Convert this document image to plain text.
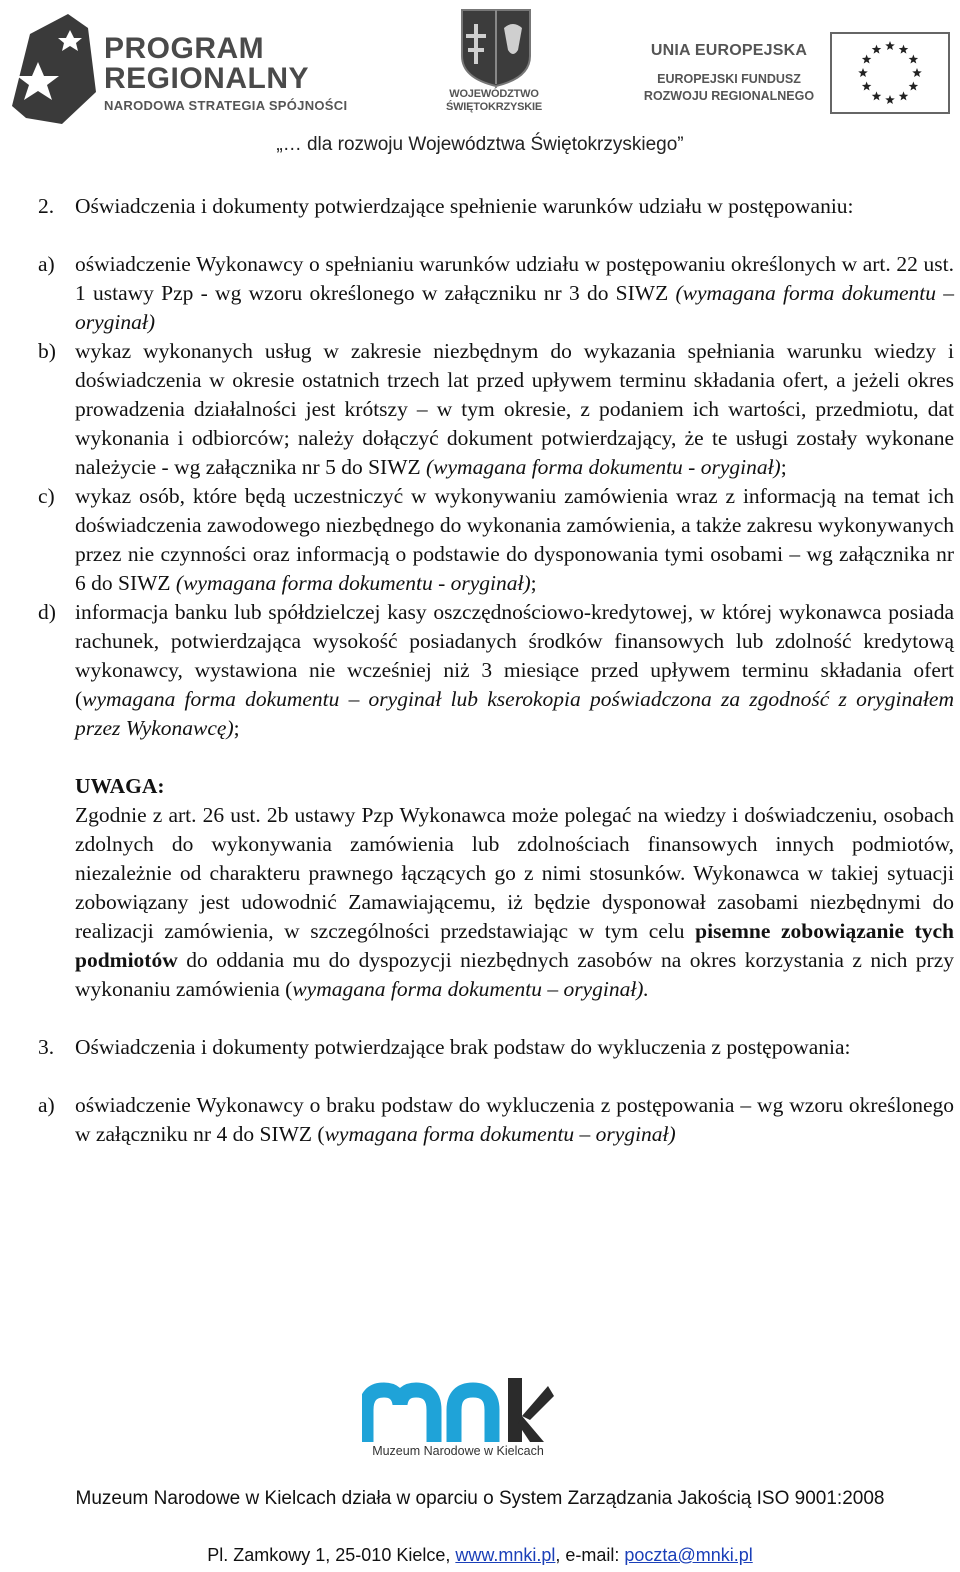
PROGRAM
REGIONALNY
NARODOWA STRATEGIA SPÓJNOŚCI
WOJEWÓDZTWO
ŚWIĘTOKRZYSKIE
UNIA EUROPEJSKA
EUROPEJSKI FUNDUSZ
ROZWOJU REGIONALNEGO
„… dla rozwoju Województwa Świętokrzyskiego”
2. Oświadczenia i dokumenty potwierdzające spełnienie warunków udziału w postępowaniu:
a) oświadczenie Wykonawcy o spełnianiu warunków udziału w postępowaniu określonych w art. 22 ust. 1 ustawy Pzp - wg wzoru określonego w załączniku nr 3 do SIWZ (wymagana forma dokumentu – oryginał)
b) wykaz wykonanych usług w zakresie niezbędnym do wykazania spełniania warunku wiedzy i doświadczenia w okresie ostatnich trzech lat przed upływem terminu składania ofert, a jeżeli okres prowadzenia działalności jest krótszy – w tym okresie, z podaniem ich wartości, przedmiotu, dat wykonania i odbiorców; należy dołączyć dokument potwierdzający, że te usługi zostały wykonane należycie - wg załącznika nr 5 do SIWZ (wymagana forma dokumentu - oryginał);
c) wykaz osób, które będą uczestniczyć w wykonywaniu zamówienia wraz z informacją na temat ich doświadczenia zawodowego niezbędnego do wykonania zamówienia, a także zakresu wykonywanych przez nie czynności oraz informacją o podstawie do dysponowania tymi osobami – wg załącznika nr 6 do SIWZ (wymagana forma dokumentu - oryginał);
d) informacja banku lub spółdzielczej kasy oszczędnościowo-kredytowej, w której wykonawca posiada rachunek, potwierdzająca wysokość posiadanych środków finansowych lub zdolność kredytową wykonawcy, wystawiona nie wcześniej niż 3 miesiące przed upływem terminu składania ofert (wymagana forma dokumentu – oryginał lub kserokopia poświadczona za zgodność z oryginałem przez Wykonawcę);
UWAGA:
Zgodnie z art. 26 ust. 2b ustawy Pzp Wykonawca może polegać na wiedzy i doświadczeniu, osobach zdolnych do wykonywania zamówienia lub zdolnościach finansowych innych podmiotów, niezależnie od charakteru prawnego łączących go z nimi stosunków. Wykonawca w takiej sytuacji zobowiązany jest udowodnić Zamawiającemu, iż będzie dysponował zasobami niezbędnymi do realizacji zamówienia, w szczególności przedstawiając w tym celu pisemne zobowiązanie tych podmiotów do oddania mu do dyspozycji niezbędnych zasobów na okres korzystania z nich przy wykonaniu zamówienia (wymagana forma dokumentu – oryginał).
3. Oświadczenia i dokumenty potwierdzające brak podstaw do wykluczenia z postępowania:
a) oświadczenie Wykonawcy o braku podstaw do wykluczenia z postępowania – wg wzoru określonego w załączniku nr 4 do SIWZ (wymagana forma dokumentu – oryginał)
Muzeum Narodowe w Kielcach
Muzeum Narodowe w Kielcach działa w oparciu o System Zarządzania Jakością ISO 9001:2008
Pl. Zamkowy 1, 25-010 Kielce, www.mnki.pl, e-mail: poczta@mnki.pl
